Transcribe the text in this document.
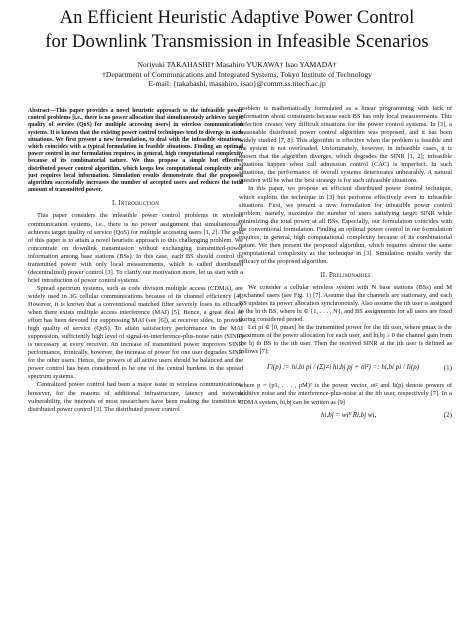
An Efficient Heuristic Adaptive Power Control
for Downlink Transmission in Infeasible Scenarios
Noriyuki TAKAHASHI† Masahiro YUKAWA† Isao YAMADA†
†Department of Communications and Integrated Systems, Tokyo Institute of Technology
E-mail: {takahashi, masahiro, isao}@comm.ss.titech.ac.jp
Abstract—This paper provides a novel heuristic approach to the infeasible power control problems [i.e., there is no power allocation that simultaneously achieves target quality of service (QoS) for multiple accessing users] in wireless communication systems. It is known that the existing power control techniques tend to diverge in such situations. We first present a new formulation, to deal with the infeasible situations, which coincides with a typical formulation in feasible situations. Finding an optimal power control in our formulation requires, in general, high computational complexity because of its combinatorial nature. We thus propose a simple but effective distributed power control algorithm, which keeps low computational complexity and just requires local information. Simulation results demonstrate that the proposed algorithm successfully increases the number of accepted users and reduces the total amount of transmitted power.
I. Introduction

This paper considers the infeasible power control problems in wireless communication systems, i.e., there is no power assignment that simultaneously achieves target quality of service (QoS) for multiple accessing users [1, 2]. The goal of this paper is to attain a novel heuristic approach to this challenging problem. We concentrate on downlink transmission without exchanging transmitted-power information among base stations (BSs). In this case, each BS should control its transmitted power with only local measurements, which is called distributed (decentralized) power control [3]. To clarify our motivation more, let us start with a brief introduction of power control systems.

Spread spectrum systems, such as code division multiple access (CDMA), are widely used in 3G cellular communications because of its channel efficiency [4]. However, it is known that a conventional matched filter severely loses its efficacy when there exists multiple access interference (MAI) [5]. Hence, a great deal of effort has been devoted for suppressing MAI (see [6]), at receiver sides, to provide high quality of service (QoS). To attain satisfactory performance in the MAI suppression, sufficiently high level of signal-to-interference-plus-noise ratio (SINR) is necessary at every receiver. An increase of transmitted power improves SINR performance, ironically, however, the increase of power for one user degrades SINR for the other users. Hence, the powers of all active users should be balanced and the power control has been considered to be one of the central burdens in the spread spectrum systems.

Centralized power control had been a major issue in wireless communications, however, for the reasons of additional infrastructure, latency and network vulnerability, the interests of most researchers have been making the transition to distributed power control [3]. The distributed power control

problem is mathematically formulated as a linear programming with lack of information about constraints because each BS has only local measurements. This defection creates very difficult situations for the power control systems. In [3], a reasonable distributed power control algorithm was proposed, and it has been widely studied [7, 8]. This algorithm is effective when the problem is feasible and the system is not overloaded. Unfortunately, however, in infeasible cases, it is known that the algorithm diverges, which degrades the SINR [1, 2]; infeasible situations happen when call admission control (CAC) is imperfect. In such situations, the performance of overall systems deteriorates unbearably. A natural question will be what the best strategy is for such infeasible situations.

In this paper, we propose an efficient distributed power control technique, which exploits the technique in [3] but performs effectively even in infeasible situations. First, we present a new formulation for infeasible power control problem; namely, maximize the number of users satisfying target SINR while minimizing the total power at all BSs. Especially, our formulation coincides with the conventional formulation. Finding an optimal power control in our formulation requires, in general, high computational complexity because of its combinatorial nature. We then present the proposed algorithm, which requires almost the same computational complexity as the technique in [3]. Simulation results verify the efficacy of the proposed algorithm.

II. Preliminaries

We consider a cellular wireless system with N base stations (BSs) and M cochannel users (see Fig. 1) [7]. Assume that the channels are stationary, and each BS updates its power allocation synchronously. Also assume the ith user is assigned to the bi th BS, where bi ∈ {1, . . . , N}, and BS assignments for all users are fixed during considered period.

Let pi ∈ [0, pmax] be the transmitted power for the ith user, where pmax is the maximum of the power allocation for each user, and hi,bj ≥ 0 the channel gain from the bj th BS to the ith user. Then the received SINR at the ith user is defined as follows [7]:

Γi(p) := hi,bi pi / (Σj≠i hi,bj pj + σi²) =: hi,bi pi / Ii(p)	(1)

where p = (p1, . . . , pM)ᵀ is the power vector, σi² and Ii(p) denote powers of additive noise and the interference-plus-noise at the ith user, respectively [7]. In a CDMA system, hi,bj can be written as [9]

hi,bj = wiᴴ Ri,bj wi,	(2)
